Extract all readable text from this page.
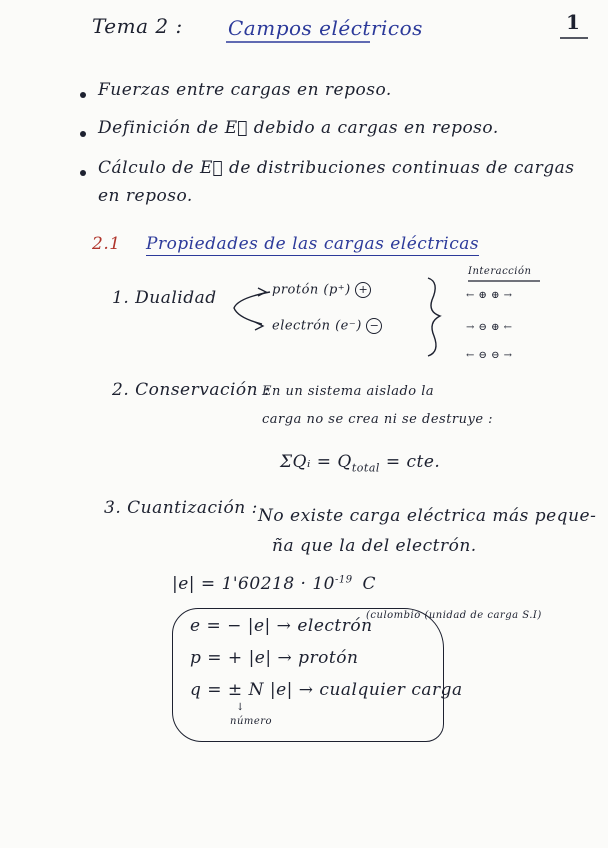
Tema 2 : Campos eléctricos	1
Fuerzas entre cargas en reposo.
Definición de E⃗ debido a cargas en reposo.
Cálculo de E⃗ de distribuciones continuas de cargas
en reposo.
2.1 Propiedades de las cargas eléctricas
1. Dualidad	protón (p⁺) +
electrón (e⁻) −
Interacción
← ⊕ ⊕ →
→ ⊖ ⊕ ←
← ⊖ ⊖ →
2. Conservación :
En un sistema aislado la
carga no se crea ni se destruye :
ΣQᵢ = $Q_{total}$ = cte.
3. Cuantización : No existe carga eléctrica más peque-
ña que la del electrón.
$|e| = 1'60218 \cdot 10^{-19}$ C
(culombio (unidad de carga S.I)
e = − |e| → electrón
p = + |e| → protón
q = ± N |e| → cualquier carga
↓
número
